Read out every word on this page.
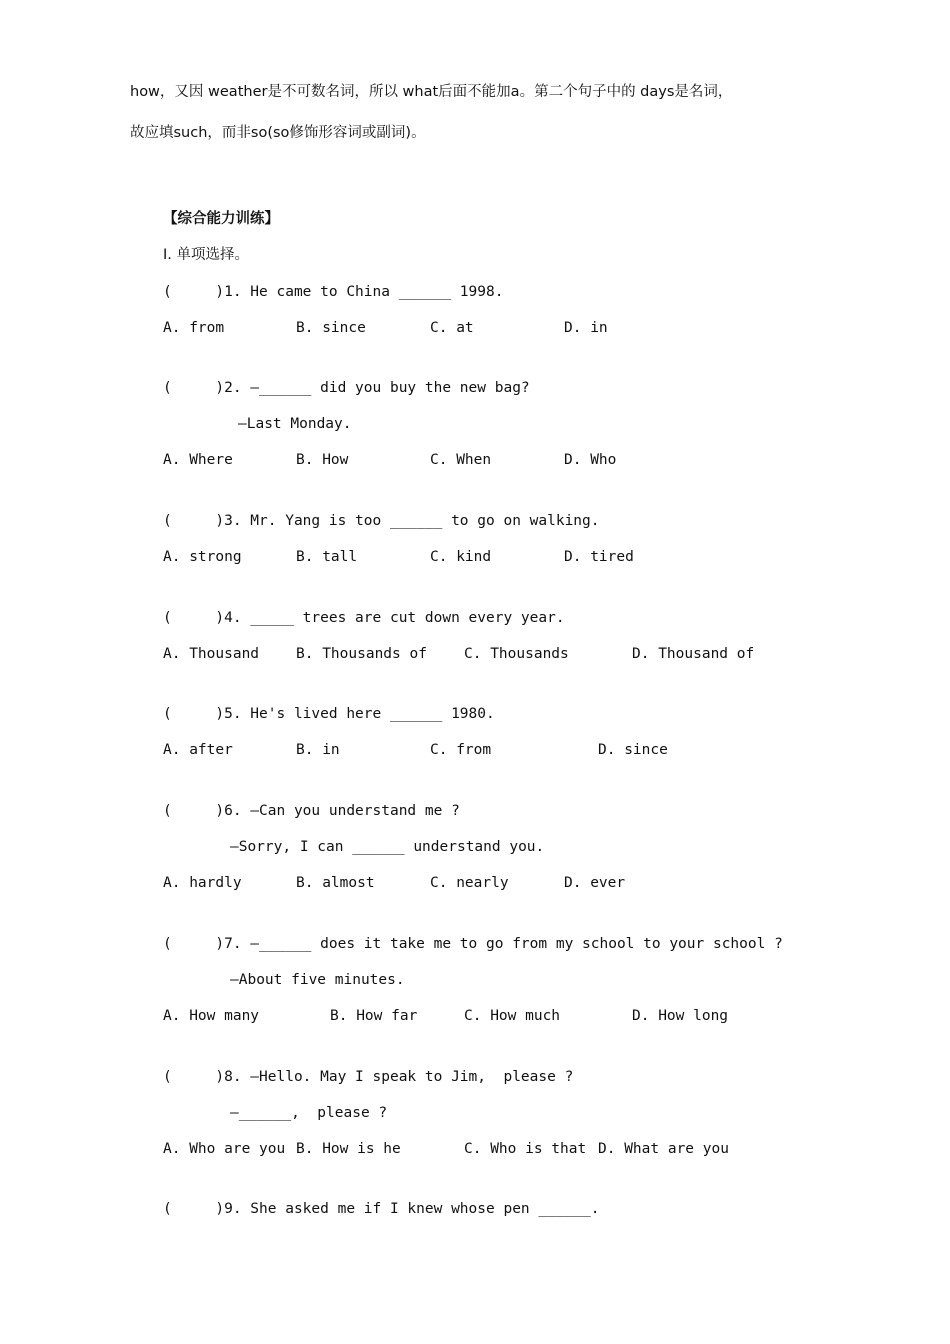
how，又因 weather是不可数名词，所以 what后面不能加a。第二个句子中的 days是名词，
故应填such，而非so(so修饰形容词或副词)。
【综合能力训练】
Ⅰ. 单项选择。
(     )1. He came to China ______ 1998.
A. from	B. since	C. at	D. in
(     )2. —______ did you buy the new bag?
—Last Monday.
A. Where	B. How	C. When	D. Who
(     )3. Mr. Yang is too ______ to go on walking.
A. strong	B. tall	C. kind	D. tired
(     )4. _____ trees are cut down every year.
A. Thousand	B. Thousands of	C. Thousands	D. Thousand of
(     )5. He's lived here ______ 1980.
A. after	B. in	C. from	D. since
(     )6. —Can you understand me ?
—Sorry, I can ______ understand you.
A. hardly	B. almost	C. nearly	D. ever
(     )7. —______ does it take me to go from my school to your school ?
—About five minutes.
A. How many	B. How far	C. How much	D. How long
(     )8. —Hello. May I speak to Jim,  please ?
—______,  please ?
A. Who are you B. How is he	C. Who is that D. What are you
(     )9. She asked me if I knew whose pen ______.
